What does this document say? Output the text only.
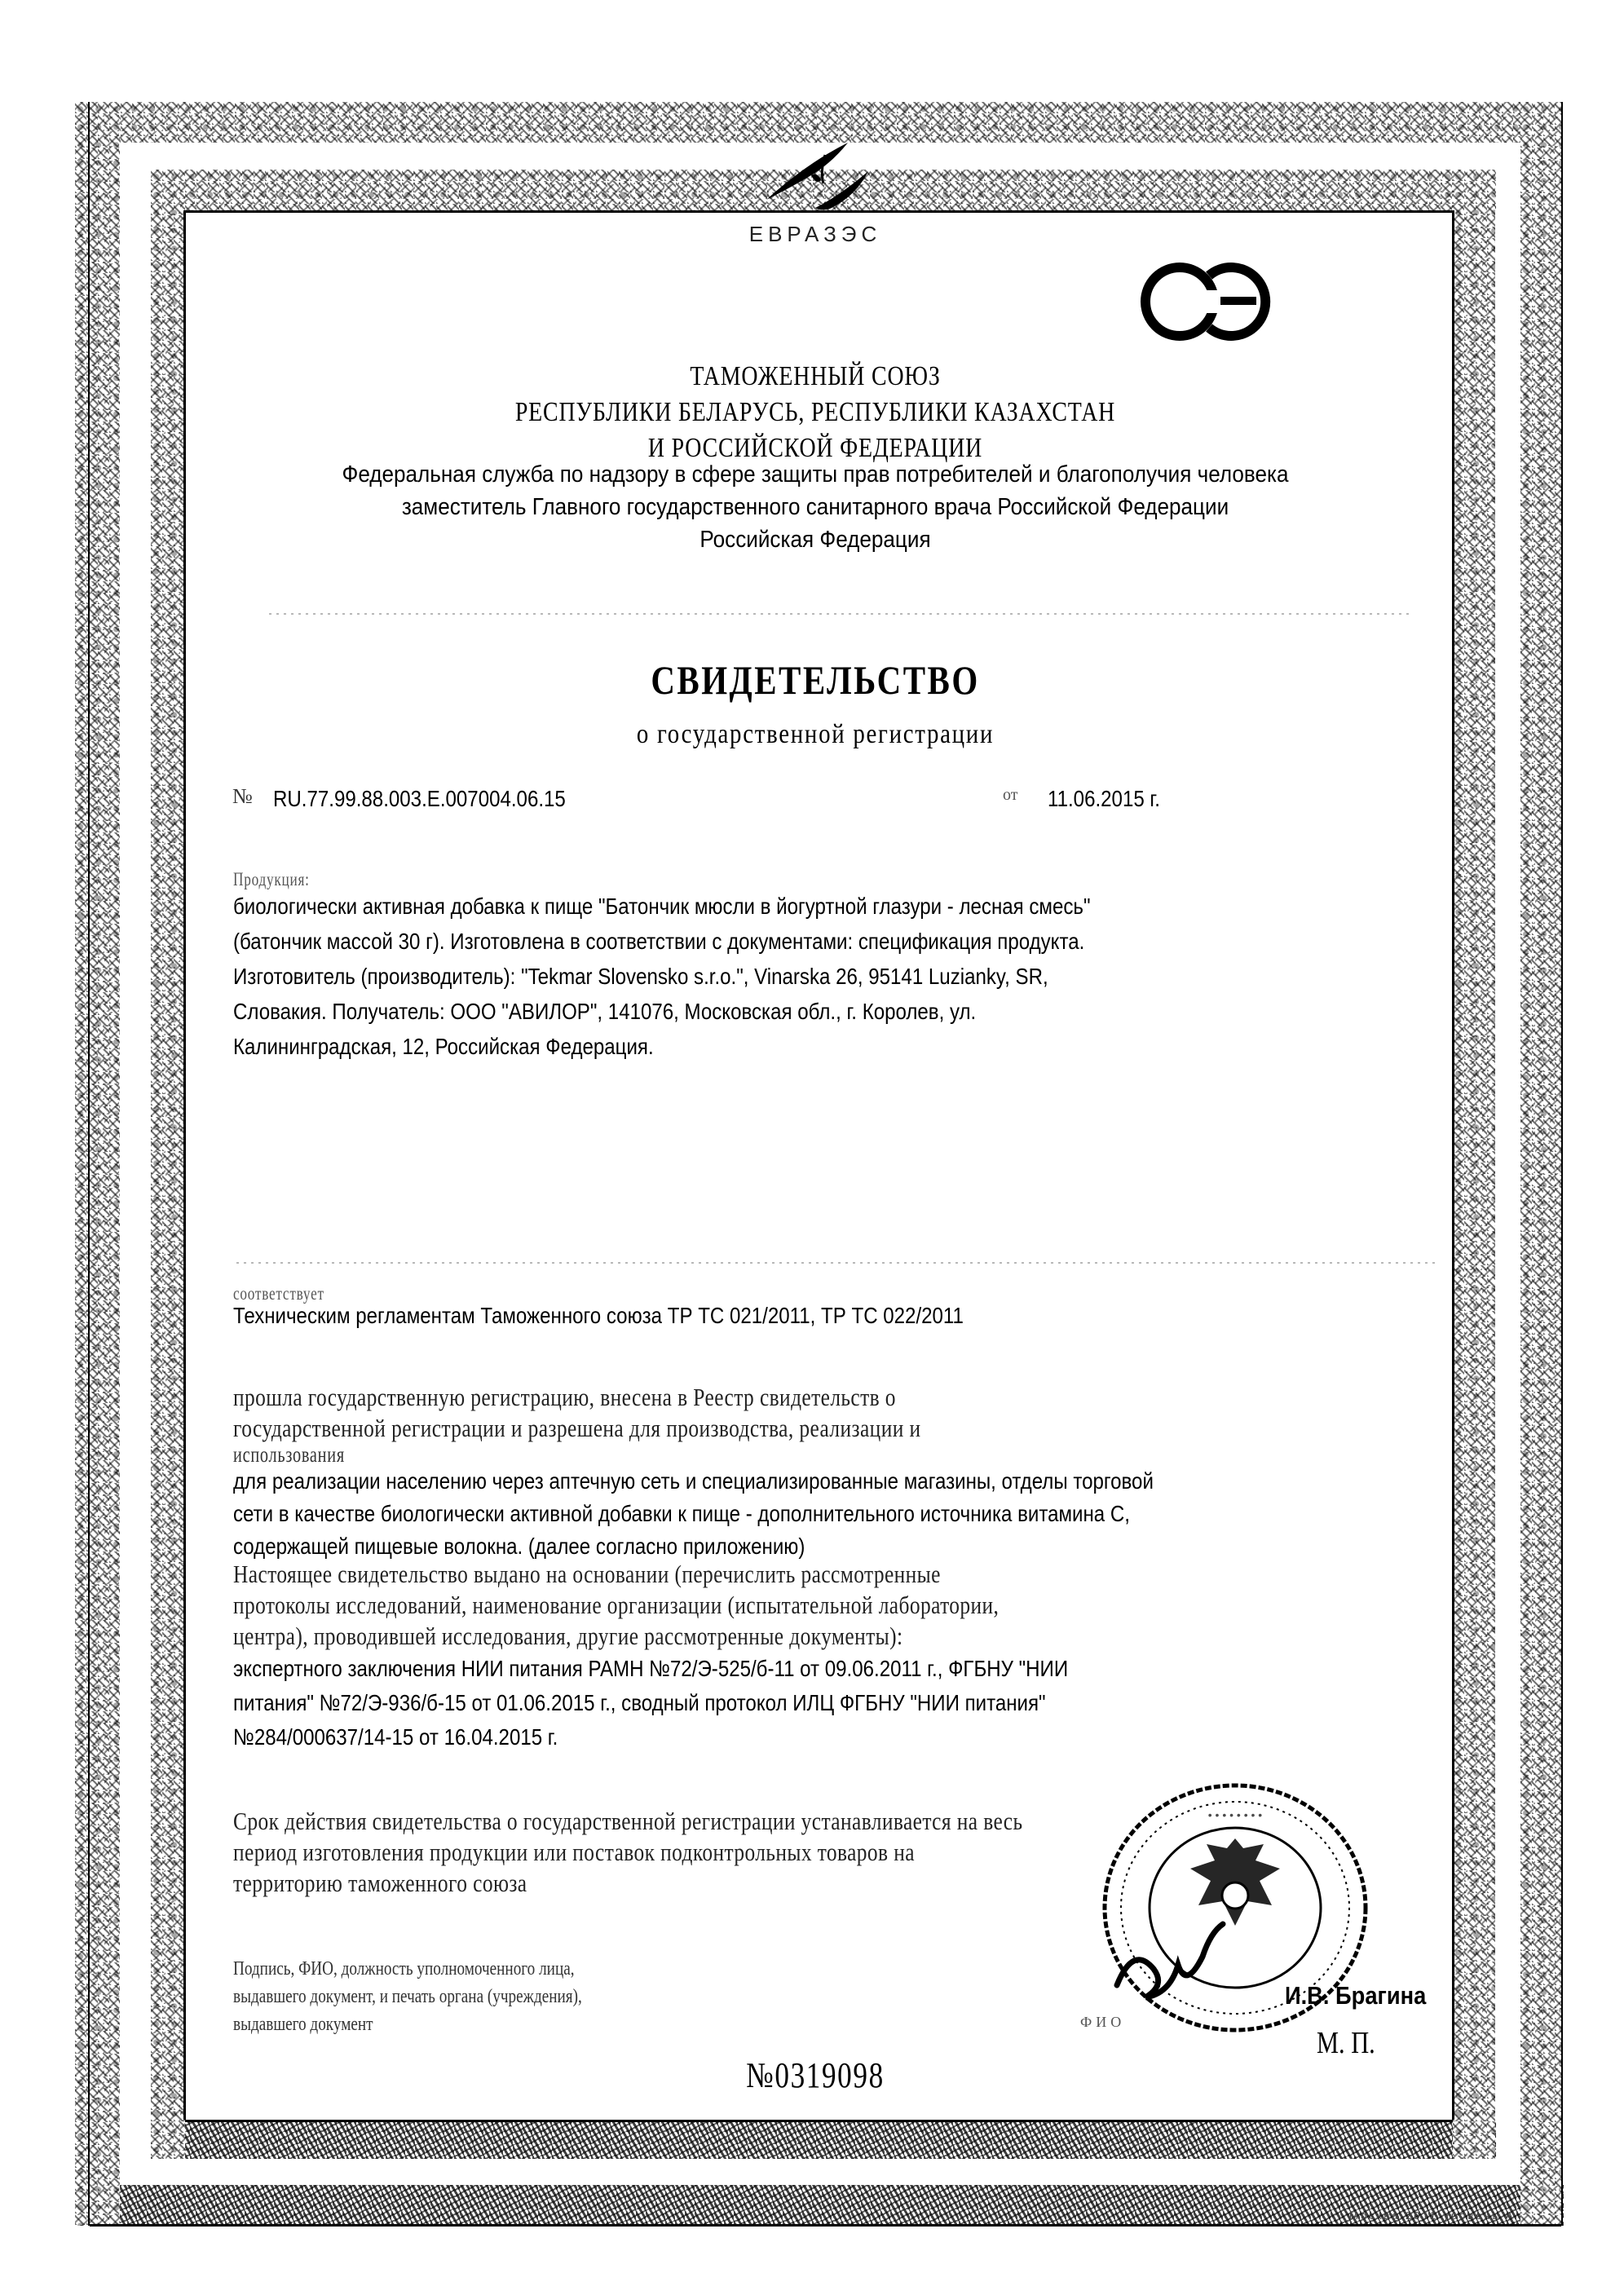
ЕВРАЗЭС
ТАМОЖЕННЫЙ СОЮЗ
РЕСПУБЛИКИ БЕЛАРУСЬ, РЕСПУБЛИКИ КАЗАХСТАН
И РОССИЙСКОЙ ФЕДЕРАЦИИ
Федеральная служба по надзору в сфере защиты прав потребителей и благополучия человека
заместитель Главного государственного санитарного врача Российской Федерации
Российская Федерация
СВИДЕТЕЛЬСТВО
о государственной регистрации
№ RU.77.99.88.003.E.007004.06.15	от 11.06.2015 г.
Продукция:
биологически активная добавка к пище "Батончик мюсли в йогуртной глазури - лесная смесь"
(батончик массой 30 г). Изготовлена в соответствии с документами: спецификация продукта.
Изготовитель (производитель): "Tekmar Slovensko s.r.o.", Vinarska 26, 95141 Luzianky, SR,
Словакия. Получатель: ООО "АВИЛОР", 141076, Московская обл., г. Королев, ул.
Калининградская, 12, Российская Федерация.
соответствует
Техническим регламентам Таможенного союза ТР ТС 021/2011, ТР ТС 022/2011
прошла государственную регистрацию, внесена в Реестр свидетельств о
государственной регистрации и разрешена для производства, реализации и
использования
для реализации населению через аптечную сеть и специализированные магазины, отделы торговой
сети в качестве биологически активной добавки к пище - дополнительного источника витамина С,
содержащей пищевые волокна. (далее согласно приложению)
Настоящее свидетельство выдано на основании (перечислить рассмотренные
протоколы исследований, наименование организации (испытательной лаборатории,
центра), проводившей исследования, другие рассмотренные документы):
экспертного заключения НИИ питания РАМН №72/Э-525/б-11 от 09.06.2011 г., ФГБНУ "НИИ
питания" №72/Э-936/б-15 от 01.06.2015 г., сводный протокол ИЛЦ ФГБНУ "НИИ питания"
№284/000637/14-15 от 16.04.2015 г.
Срок действия свидетельства о государственной регистрации устанавливается на весь
период изготовления продукции или поставок подконтрольных товаров на
территорию таможенного союза
Подпись, ФИО, должность уполномоченного лица,
выдавшего документ, и печать органа (учреждения),
выдавшего документ
• • • • • • • •
И.В. Брагина
ФИО
М. П.
№0319098
Москва 2011 уровень А
